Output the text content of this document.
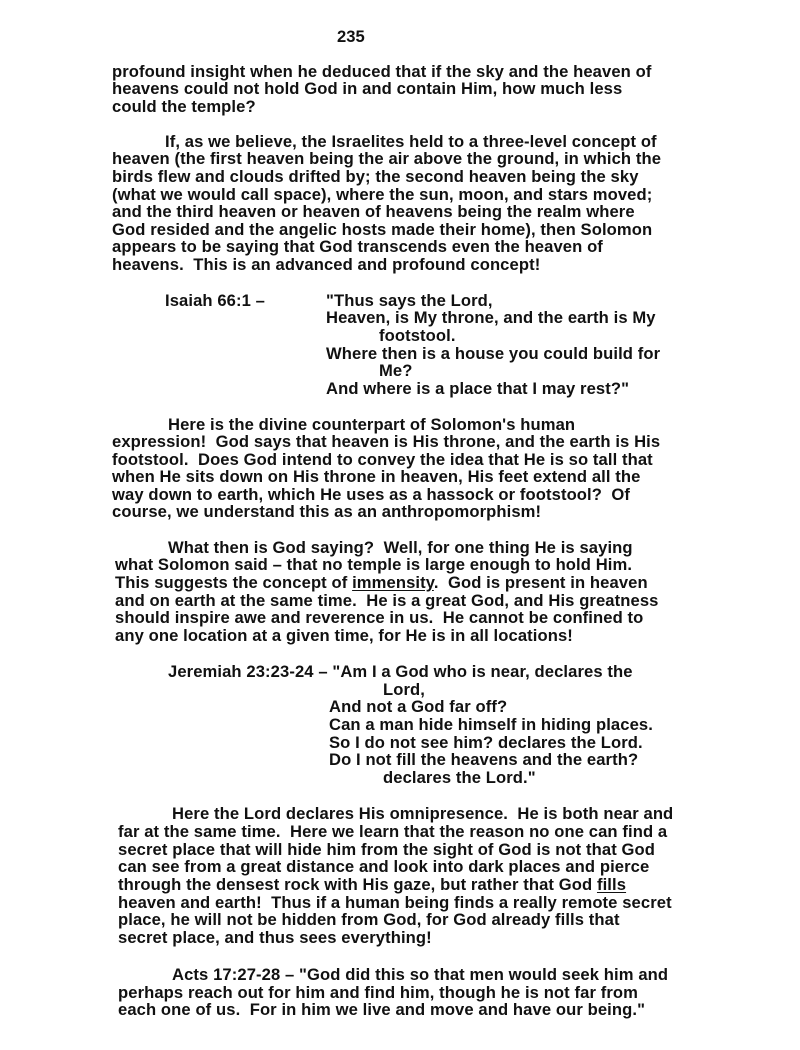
235
profound insight when he deduced that if the sky and the heaven of
heavens could not hold God in and contain Him, how much less
could the temple?
If, as we believe, the Israelites held to a three-level concept of
heaven (the first heaven being the air above the ground, in which the
birds flew and clouds drifted by; the second heaven being the sky
(what we would call space), where the sun, moon, and stars moved;
and the third heaven or heaven of heavens being the realm where
God resided and the angelic hosts made their home), then Solomon
appears to be saying that God transcends even the heaven of
heavens.  This is an advanced and profound concept!
Isaiah 66:1 –	"Thus says the Lord,
Heaven, is My throne, and the earth is My
footstool.
Where then is a house you could build for
Me?
And where is a place that I may rest?"
Here is the divine counterpart of Solomon's human
expression!  God says that heaven is His throne, and the earth is His
footstool.  Does God intend to convey the idea that He is so tall that
when He sits down on His throne in heaven, His feet extend all the
way down to earth, which He uses as a hassock or footstool?  Of
course, we understand this as an anthropomorphism!
What then is God saying?  Well, for one thing He is saying
what Solomon said – that no temple is large enough to hold Him.
This suggests the concept of immensity.  God is present in heaven
and on earth at the same time.  He is a great God, and His greatness
should inspire awe and reverence in us.  He cannot be confined to
any one location at a given time, for He is in all locations!
Jeremiah 23:23-24 – "Am I a God who is near, declares the
Lord,
And not a God far off?
Can a man hide himself in hiding places.
So I do not see him? declares the Lord.
Do I not fill the heavens and the earth?
declares the Lord."
Here the Lord declares His omnipresence.  He is both near and
far at the same time.  Here we learn that the reason no one can find a
secret place that will hide him from the sight of God is not that God
can see from a great distance and look into dark places and pierce
through the densest rock with His gaze, but rather that God fills
heaven and earth!  Thus if a human being finds a really remote secret
place, he will not be hidden from God, for God already fills that
secret place, and thus sees everything!
Acts 17:27-28 – "God did this so that men would seek him and
perhaps reach out for him and find him, though he is not far from
each one of us.  For in him we live and move and have our being."
